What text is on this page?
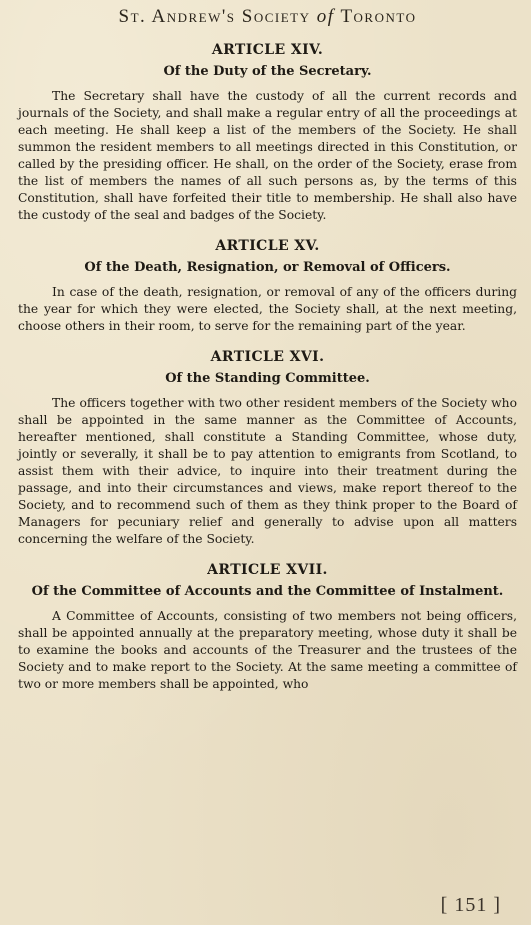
St. Andrew's Society of Toronto
ARTICLE XIV.
Of the Duty of the Secretary.

The Secretary shall have the custody of all the current records and journals of the Society, and shall make a regular entry of all the proceedings at each meeting. He shall keep a list of the members of the Society. He shall summon the resident members to all meetings directed in this Constitution, or called by the presiding officer. He shall, on the order of the Society, erase from the list of members the names of all such persons as, by the terms of this Constitution, shall have forfeited their title to membership. He shall also have the custody of the seal and badges of the Society.

ARTICLE XV.
Of the Death, Resignation, or Removal of Officers.

In case of the death, resignation, or removal of any of the officers during the year for which they were elected, the Society shall, at the next meeting, choose others in their room, to serve for the remaining part of the year.

ARTICLE XVI.
Of the Standing Committee.

The officers together with two other resident members of the Society who shall be appointed in the same manner as the Committee of Accounts, hereafter mentioned, shall constitute a Standing Committee, whose duty, jointly or severally, it shall be to pay attention to emigrants from Scotland, to assist them with their advice, to inquire into their treatment during the passage, and into their circumstances and views, make report thereof to the Society, and to recommend such of them as they think proper to the Board of Managers for pecuniary relief and generally to advise upon all matters concerning the welfare of the Society.

ARTICLE XVII.
Of the Committee of Accounts and the Committee of Instalment.

A Committee of Accounts, consisting of two members not being officers, shall be appointed annually at the preparatory meeting, whose duty it shall be to examine the books and accounts of the Treasurer and the trustees of the Society and to make report to the Society. At the same meeting a committee of two or more members shall be appointed, who

[ 151 ]
